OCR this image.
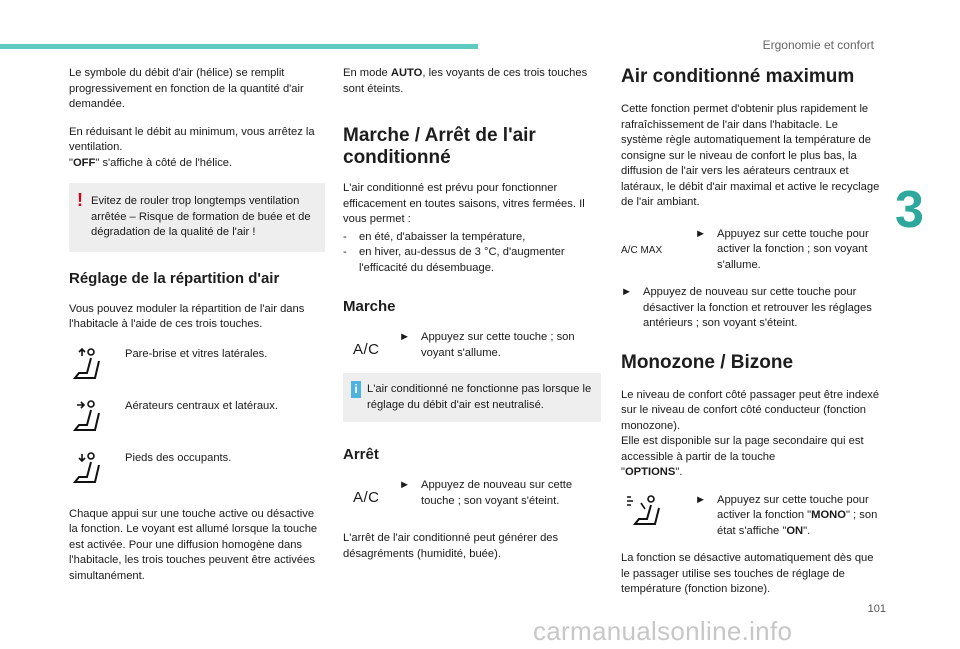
Ergonomie et confort
3

Le symbole du débit d'air (hélice) se remplit progressivement en fonction de la quantité d'air demandée.

En réduisant le débit au minimum, vous arrêtez la ventilation.
"OFF" s'affiche à côté de l'hélice.

! Evitez de rouler trop longtemps ventilation arrêtée – Risque de formation de buée et de dégradation de la qualité de l'air !
Réglage de la répartition d'air

Vous pouvez moduler la répartition de l'air dans l'habitacle à l'aide de ces trois touches.

Pare-brise et vitres latérales.
Aérateurs centraux et latéraux.
Pieds des occupants.

Chaque appui sur une touche active ou désactive la fonction. Le voyant est allumé lorsque la touche est activée. Pour une diffusion homogène dans l'habitacle, les trois touches peuvent être activées simultanément.

En mode AUTO, les voyants de ces trois touches sont éteints.

Marche / Arrêt de l'air conditionné

L'air conditionné est prévu pour fonctionner efficacement en toutes saisons, vitres fermées. Il vous permet :

-	en été, d'abaisser la température,
-	en hiver, au-dessus de 3 °C, d'augmenter l'efficacité du désembuage.
Marche
A/C
► Appuyez sur cette touche ; son voyant s'allume.
i L'air conditionné ne fonctionne pas lorsque le réglage du débit d'air est neutralisé.
Arrêt
A/C
► Appuyez de nouveau sur cette touche ; son voyant s'éteint.

L'arrêt de l'air conditionné peut générer des désagréments (humidité, buée).

Air conditionné maximum

Cette fonction permet d'obtenir plus rapidement le rafraîchissement de l'air dans l'habitacle. Le système règle automatiquement la température de consigne sur le niveau de confort le plus bas, la diffusion de l'air vers les aérateurs centraux et latéraux, le débit d'air maximal et active le recyclage de l'air ambiant.

A/C MAX
► Appuyez sur cette touche pour activer la fonction ; son voyant s'allume.
► Appuyez de nouveau sur cette touche pour désactiver la fonction et retrouver les réglages antérieurs ; son voyant s'éteint.
Monozone / Bizone

Le niveau de confort côté passager peut être indexé sur le niveau de confort côté conducteur (fonction monozone).
Elle est disponible sur la page secondaire qui est accessible à partir de la touche
"OPTIONS".

► Appuyez sur cette touche pour activer la fonction "MONO" ; son état s'affiche "ON".

La fonction se désactive automatiquement dès que le passager utilise ses touches de réglage de température (fonction bizone).

101
carmanualsonline.info
